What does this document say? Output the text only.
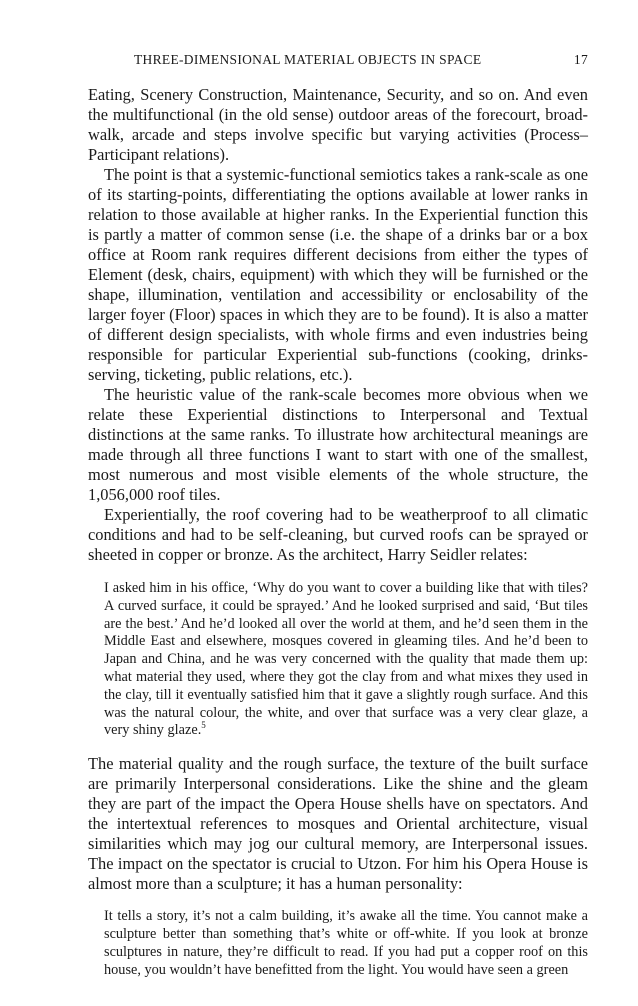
THREE-DIMENSIONAL MATERIAL OBJECTS IN SPACE	17

Eating, Scenery Construction, Maintenance, Security, and so on. And even the multifunctional (in the old sense) outdoor areas of the forecourt, broad-walk, arcade and steps involve specific but varying activities (Process–Participant relations).

The point is that a systemic-functional semiotics takes a rank-scale as one of its starting-points, differentiating the options available at lower ranks in relation to those available at higher ranks. In the Experiential function this is partly a matter of common sense (i.e. the shape of a drinks bar or a box office at Room rank requires different decisions from either the types of Element (desk, chairs, equipment) with which they will be furnished or the shape, illumination, ventilation and accessibility or enclosability of the larger foyer (Floor) spaces in which they are to be found). It is also a matter of different design specialists, with whole firms and even industries being responsible for particular Experiential sub-functions (cooking, drinks-serving, ticketing, public relations, etc.).

The heuristic value of the rank-scale becomes more obvious when we relate these Experiential distinctions to Interpersonal and Textual distinctions at the same ranks. To illustrate how architectural meanings are made through all three functions I want to start with one of the smallest, most numerous and most visible elements of the whole structure, the 1,056,000 roof tiles.

Experientially, the roof covering had to be weatherproof to all climatic conditions and had to be self-cleaning, but curved roofs can be sprayed or sheeted in copper or bronze. As the architect, Harry Seidler relates:

I asked him in his office, ‘Why do you want to cover a building like that with tiles? A curved surface, it could be sprayed.’ And he looked surprised and said, ‘But tiles are the best.’ And he’d looked all over the world at them, and he’d seen them in the Middle East and elsewhere, mosques covered in gleaming tiles. And he’d been to Japan and China, and he was very concerned with the quality that made them up: what material they used, where they got the clay from and what mixes they used in the clay, till it eventually satisfied him that it gave a slightly rough surface. And this was the natural colour, the white, and over that surface was a very clear glaze, a very shiny glaze.$^5$

The material quality and the rough surface, the texture of the built surface are primarily Interpersonal considerations. Like the shine and the gleam they are part of the impact the Opera House shells have on spectators. And the intertextual references to mosques and Oriental architecture, visual similarities which may jog our cultural memory, are Interpersonal issues. The impact on the spectator is crucial to Utzon. For him his Opera House is almost more than a sculpture; it has a human personality:

It tells a story, it’s not a calm building, it’s awake all the time. You cannot make a sculpture better than something that’s white or off-white. If you look at bronze sculptures in nature, they’re difficult to read. If you had put a copper roof on this house, you wouldn’t have benefitted from the light. You would have seen a green
